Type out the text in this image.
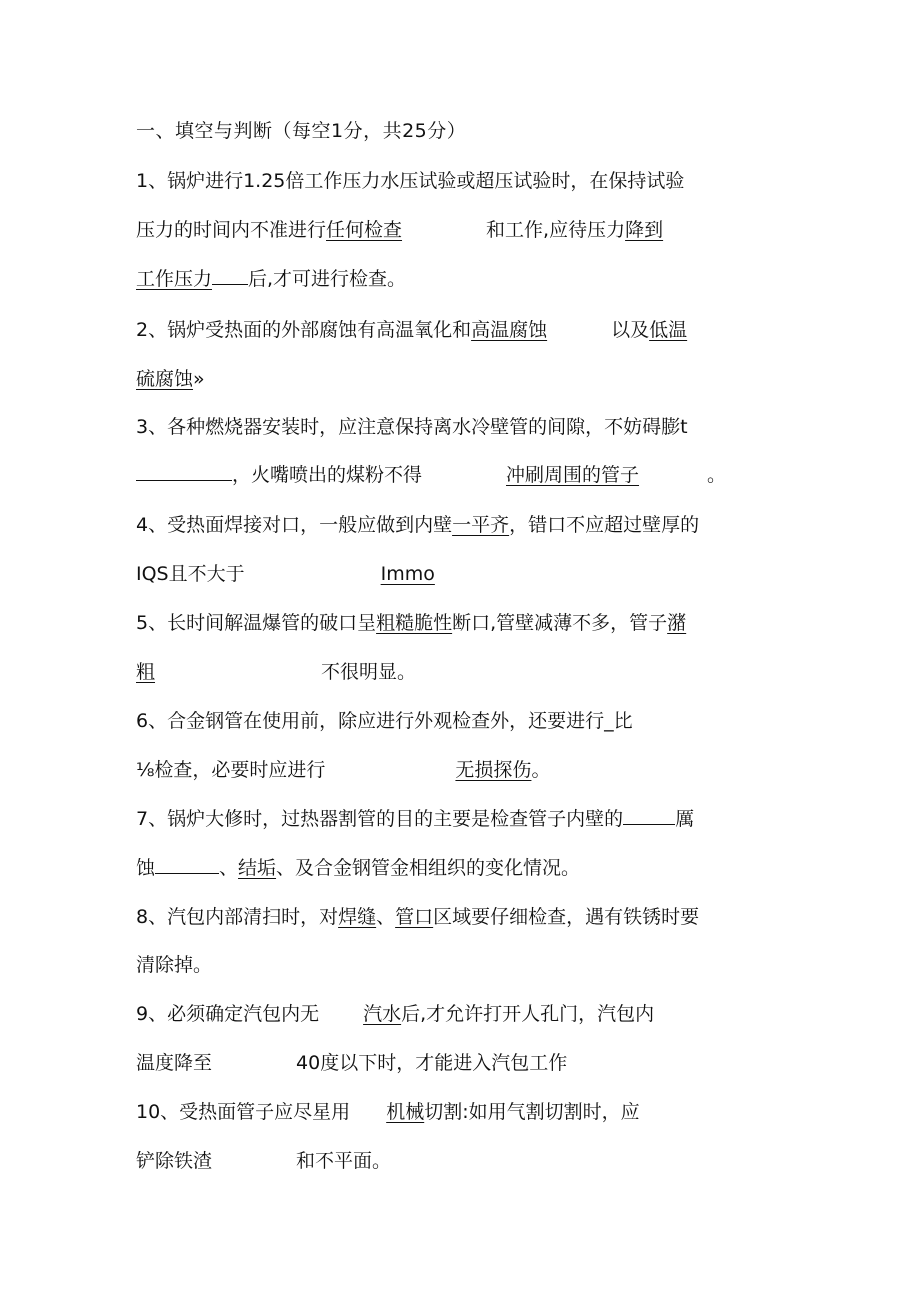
一、填空与判断（每空1分，共25分）
1、锅炉进行1.25倍工作压力水压试验或超压试验时，在保持试验
压力的时间内不准进行任何检查	和工作,应待压力降到
工作压力 后,才可进行检查。
2、锅炉受热面的外部腐蚀有高温氧化和高温腐蚀	以及低温
硫腐蚀»
3、各种燃烧器安装时，应注意保持离水冷壁管的间隙，不妨碍膨t
，火嘴喷出的煤粉不得	冲刷周围的管子	。
4、受热面焊接对口，一般应做到内壁一平齐，错口不应超过壁厚的
IQS且不大于	Immo
5、长时间解温爆管的破口呈粗糙脆性断口,管壁减薄不多，管子潴
粗	不很明显。
6、合金钢管在使用前，除应进行外观检查外，还要进行_比
⅛检查，必要时应进行	无损探伤。
7、锅炉大修时，过热器割管的目的主要是检查管子内壁的	厲
蚀	、结垢、及合金钢管金相组织的变化情况。
8、汽包内部清扫时，对焊缝、管口区域要仔细检查，遇有铁锈时要
清除掉。
9、必须确定汽包内无 汽水后,才允许打开人孔门，汽包内
温度降至	40度以下时，才能进入汽包工作
10、受热面管子应尽星用 机械切割:如用气割切割时，应
铲除铁渣	和不平面。
